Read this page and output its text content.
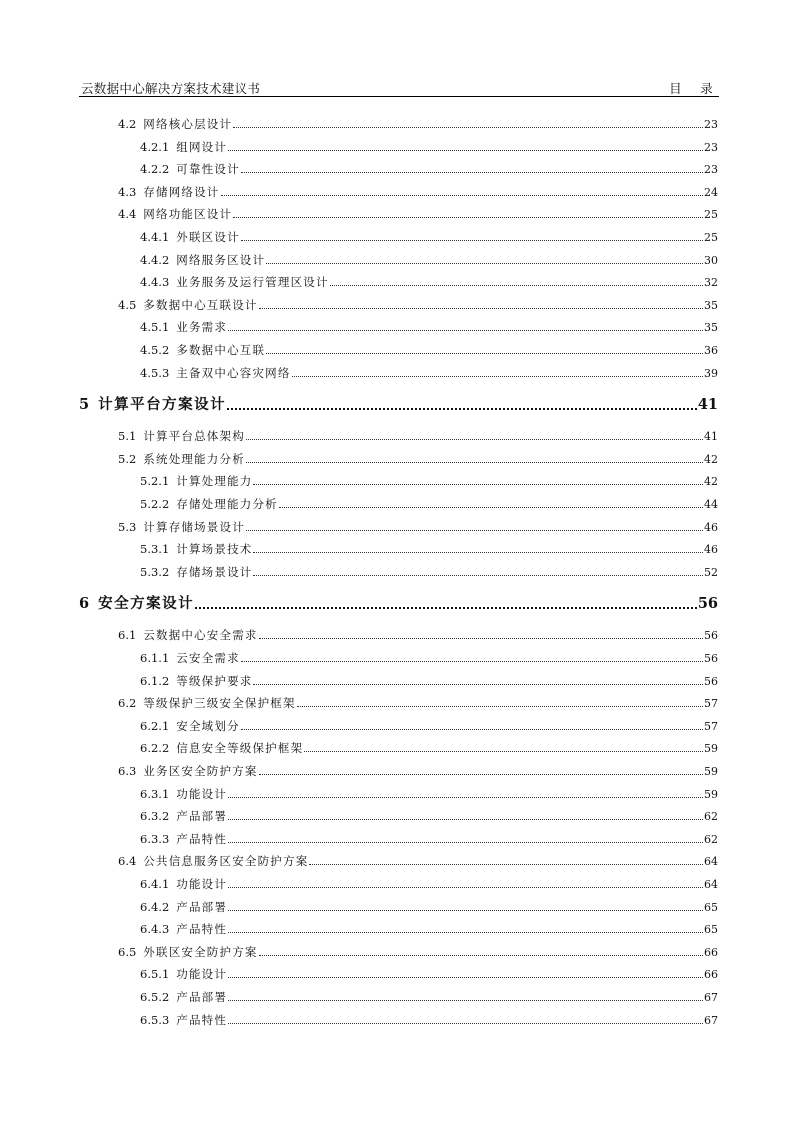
云数据中心解决方案技术建议书	目 录
4.2 网络核心层设计	23
4.2.1 组网设计	23
4.2.2 可靠性设计	23
4.3 存储网络设计	24
4.4 网络功能区设计	25
4.4.1 外联区设计	25
4.4.2 网络服务区设计	30
4.4.3 业务服务及运行管理区设计	32
4.5 多数据中心互联设计	35
4.5.1 业务需求	35
4.5.2 多数据中心互联	36
4.5.3 主备双中心容灾网络	39
5 计算平台方案设计	41
5.1 计算平台总体架构	41
5.2 系统处理能力分析	42
5.2.1 计算处理能力	42
5.2.2 存储处理能力分析	44
5.3 计算存储场景设计	46
5.3.1 计算场景技术	46
5.3.2 存储场景设计	52
6 安全方案设计	56
6.1 云数据中心安全需求	56
6.1.1 云安全需求	56
6.1.2 等级保护要求	56
6.2 等级保护三级安全保护框架	57
6.2.1 安全域划分	57
6.2.2 信息安全等级保护框架	59
6.3 业务区安全防护方案	59
6.3.1 功能设计	59
6.3.2 产品部署	62
6.3.3 产品特性	62
6.4 公共信息服务区安全防护方案	64
6.4.1 功能设计	64
6.4.2 产品部署	65
6.4.3 产品特性	65
6.5 外联区安全防护方案	66
6.5.1 功能设计	66
6.5.2 产品部署	67
6.5.3 产品特性	67
